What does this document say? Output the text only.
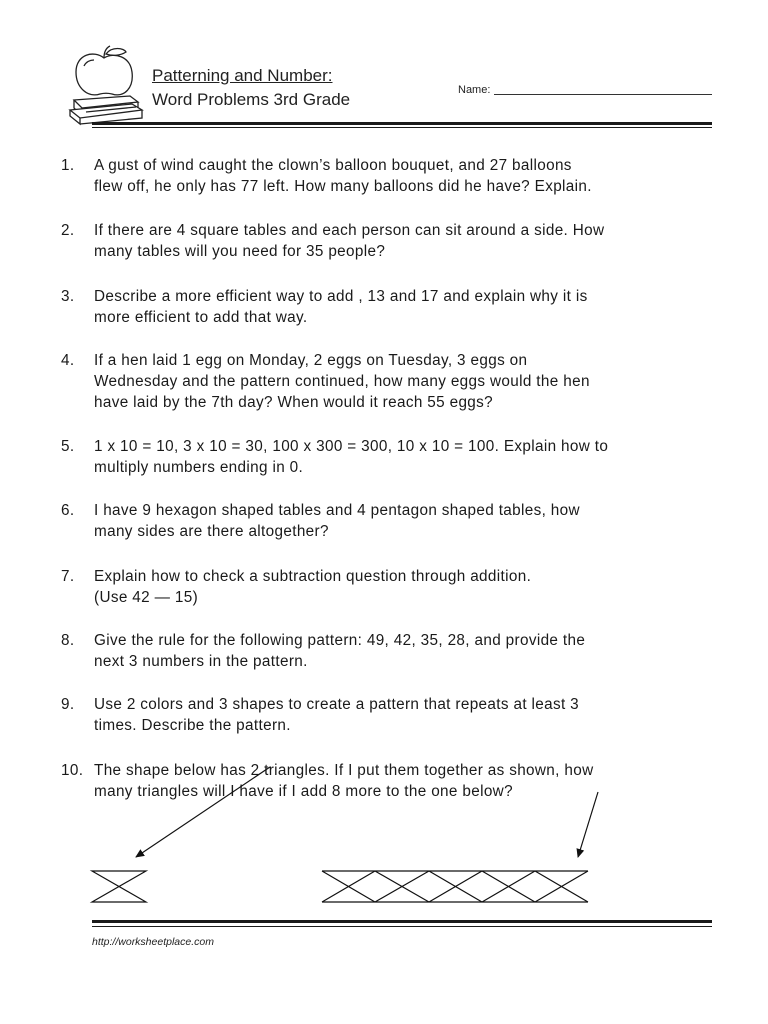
Patterning and Number:
Word Problems 3rd Grade	Name:
1.	A gust of wind caught the clown’s balloon bouquet, and 27 balloons
flew off, he only has 77 left. How many balloons did he have? Explain.
2.	If there are 4 square tables and each person can sit around a side. How
many tables will you need for 35 people?
3.	Describe a more efficient way to add , 13 and 17 and explain why it is
more efficient to add that way.
4.	If a hen laid 1 egg on Monday, 2 eggs on Tuesday, 3 eggs on
Wednesday and the pattern continued, how many eggs would the hen
have laid by the 7th day? When would it reach 55 eggs?
5.	1 x 10 = 10, 3 x 10 = 30, 100 x 300 = 300, 10 x 10 = 100. Explain how to
multiply numbers ending in 0.
6.	I have 9 hexagon shaped tables and 4 pentagon shaped tables, how
many sides are there altogether?
7.	Explain how to check a subtraction question through addition.
(Use 42 — 15)
8.	Give the rule for the following pattern: 49, 42, 35, 28, and provide the
next 3 numbers in the pattern.
9.	Use 2 colors and 3 shapes to create a pattern that repeats at least 3
times. Describe the pattern.
10. The shape below has 2 triangles. If I put them together as shown, how
many triangles will I have if I add 8 more to the one below?
http://worksheetplace.com
